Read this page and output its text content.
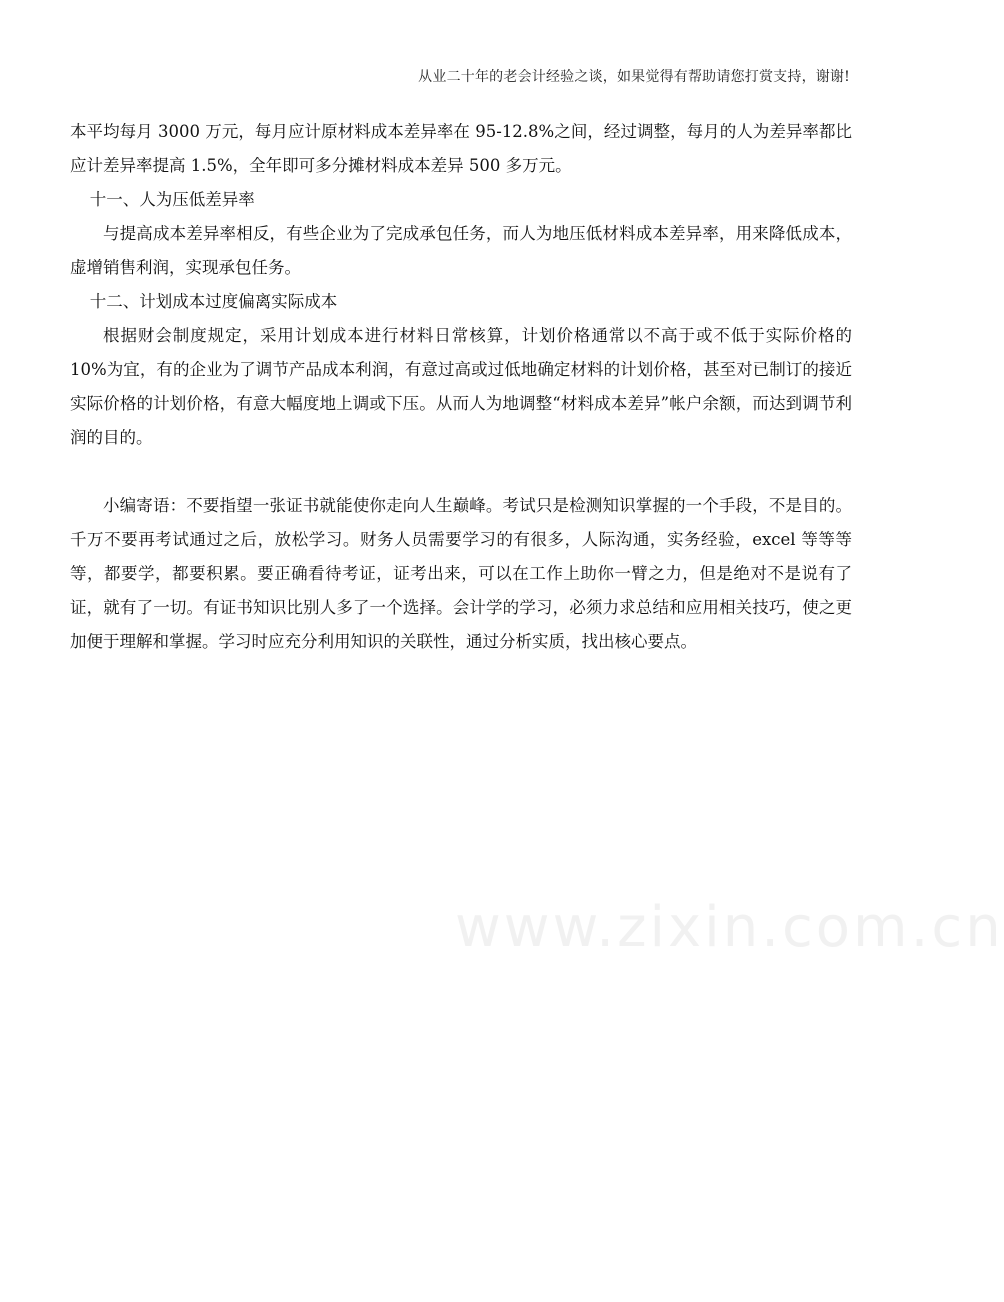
从业二十年的老会计经验之谈，如果觉得有帮助请您打赏支持，谢谢!

本平均每月 3000 万元，每月应计原材料成本差异率在 95-12.8%之间，经过调整，每月的人为差异率都比应计差异率提高 1.5%，全年即可多分摊材料成本差异 500 多万元。

十一、人为压低差异率

与提高成本差异率相反，有些企业为了完成承包任务，而人为地压低材料成本差异率，用来降低成本，虚增销售利润，实现承包任务。

十二、计划成本过度偏离实际成本

根据财会制度规定，采用计划成本进行材料日常核算，计划价格通常以不高于或不低于实际价格的 10%为宜，有的企业为了调节产品成本利润，有意过高或过低地确定材料的计划价格，甚至对已制订的接近实际价格的计划价格，有意大幅度地上调或下压。从而人为地调整“材料成本差异”帐户余额，而达到调节利润的目的。

小编寄语：不要指望一张证书就能使你走向人生巅峰。考试只是检测知识掌握的一个手段，不是目的。千万不要再考试通过之后，放松学习。财务人员需要学习的有很多，人际沟通，实务经验，excel 等等等等，都要学，都要积累。要正确看待考证，证考出来，可以在工作上助你一臂之力，但是绝对不是说有了证，就有了一切。有证书知识比别人多了一个选择。会计学的学习，必须力求总结和应用相关技巧，使之更加便于理解和掌握。学习时应充分利用知识的关联性，通过分析实质，找出核心要点。

www.zixin.com.cn
